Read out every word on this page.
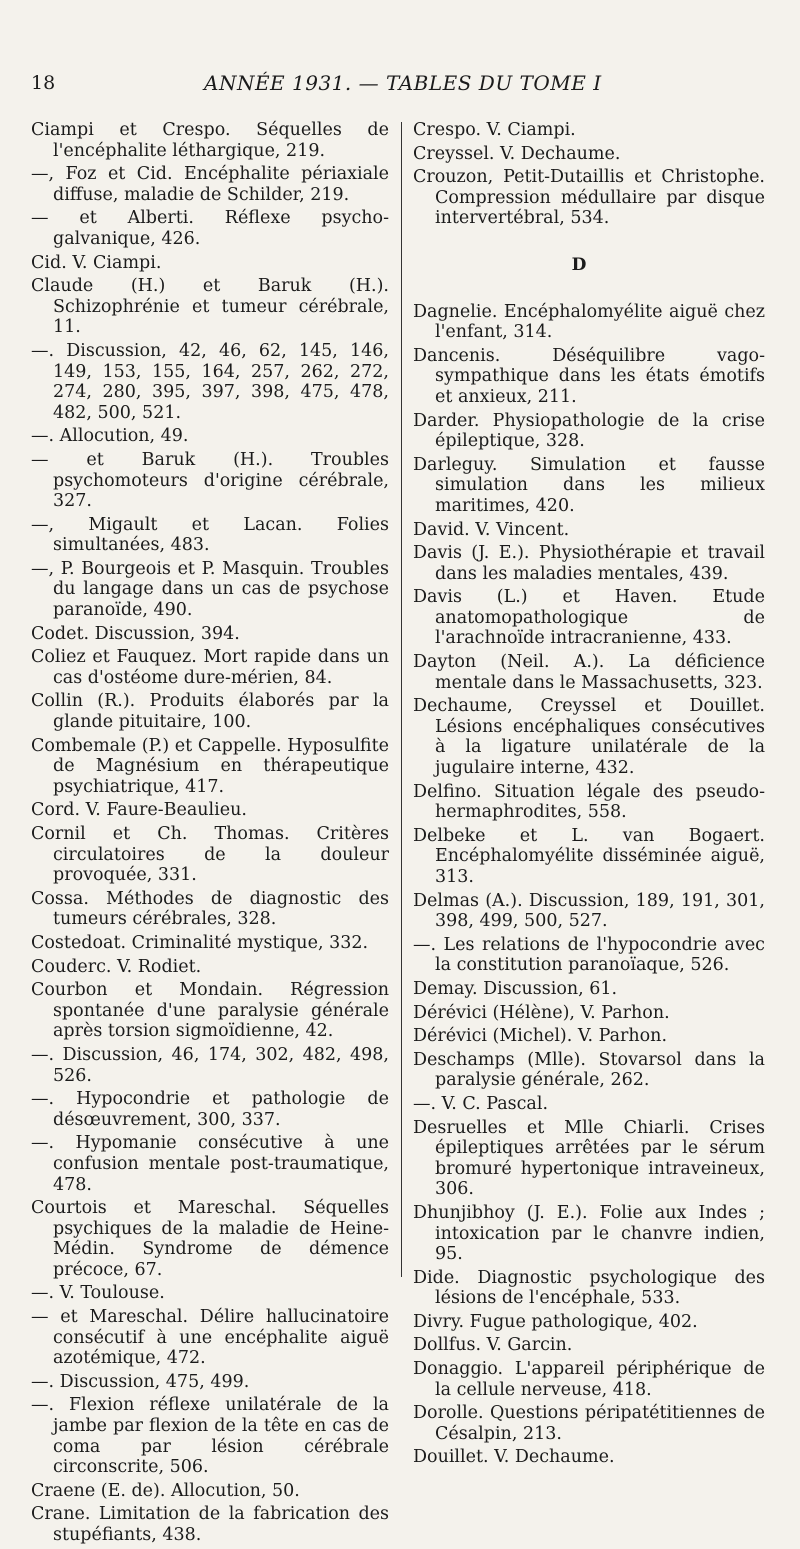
18	ANNÉE 1931. — TABLES DU TOME I

Ciampi et Crespo. Séquelles de l'encéphalite léthargique, 219.

—, Foz et Cid. Encéphalite périaxiale diffuse, maladie de Schilder, 219.

— et Alberti. Réflexe psycho-galvanique, 426.

Cid. V. Ciampi.

Claude (H.) et Baruk (H.). Schizophrénie et tumeur cérébrale, 11.

—. Discussion, 42, 46, 62, 145, 146, 149, 153, 155, 164, 257, 262, 272, 274, 280, 395, 397, 398, 475, 478, 482, 500, 521.

—. Allocution, 49.

— et Baruk (H.). Troubles psychomoteurs d'origine cérébrale, 327.

—, Migault et Lacan. Folies simultanées, 483.

—, P. Bourgeois et P. Masquin. Troubles du langage dans un cas de psychose paranoïde, 490.

Codet. Discussion, 394.

Coliez et Fauquez. Mort rapide dans un cas d'ostéome dure-mérien, 84.

Collin (R.). Produits élaborés par la glande pituitaire, 100.

Combemale (P.) et Cappelle. Hyposulfite de Magnésium en thérapeutique psychiatrique, 417.

Cord. V. Faure-Beaulieu.

Cornil et Ch. Thomas. Critères circulatoires de la douleur provoquée, 331.

Cossa. Méthodes de diagnostic des tumeurs cérébrales, 328.

Costedoat. Criminalité mystique, 332.

Couderc. V. Rodiet.

Courbon et Mondain. Régression spontanée d'une paralysie générale après torsion sigmoïdienne, 42.

—. Discussion, 46, 174, 302, 482, 498, 526.

—. Hypocondrie et pathologie de désœuvrement, 300, 337.

—. Hypomanie consécutive à une confusion mentale post-traumatique, 478.

Courtois et Mareschal. Séquelles psychiques de la maladie de Heine-Médin. Syndrome de démence précoce, 67.

—. V. Toulouse.

— et Mareschal. Délire hallucinatoire consécutif à une encéphalite aiguë azotémique, 472.

—. Discussion, 475, 499.

—. Flexion réflexe unilatérale de la jambe par flexion de la tête en cas de coma par lésion cérébrale circonscrite, 506.

Craene (E. de). Allocution, 50.

Crane. Limitation de la fabrication des stupéfiants, 438.

Crespo. V. Ciampi.

Creyssel. V. Dechaume.

Crouzon, Petit-Dutaillis et Christophe. Compression médullaire par disque intervertébral, 534.

D

Dagnelie. Encéphalomyélite aiguë chez l'enfant, 314.

Dancenis. Déséquilibre vago-sympathique dans les états émotifs et anxieux, 211.

Darder. Physiopathologie de la crise épileptique, 328.

Darleguy. Simulation et fausse simulation dans les milieux maritimes, 420.

David. V. Vincent.

Davis (J. E.). Physiothérapie et travail dans les maladies mentales, 439.

Davis (L.) et Haven. Etude anatomopathologique de l'arachnoïde intracranienne, 433.

Dayton (Neil. A.). La déficience mentale dans le Massachusetts, 323.

Dechaume, Creyssel et Douillet. Lésions encéphaliques consécutives à la ligature unilatérale de la jugulaire interne, 432.

Delfino. Situation légale des pseudo-hermaphrodites, 558.

Delbeke et L. van Bogaert. Encéphalomyélite disséminée aiguë, 313.

Delmas (A.). Discussion, 189, 191, 301, 398, 499, 500, 527.

—. Les relations de l'hypocondrie avec la constitution paranoïaque, 526.

Demay. Discussion, 61.

Dérévici (Hélène), V. Parhon.

Dérévici (Michel). V. Parhon.

Deschamps (Mlle). Stovarsol dans la paralysie générale, 262.

—. V. C. Pascal.

Desruelles et Mlle Chiarli. Crises épileptiques arrêtées par le sérum bromuré hypertonique intraveineux, 306.

Dhunjibhoy (J. E.). Folie aux Indes ; intoxication par le chanvre indien, 95.

Dide. Diagnostic psychologique des lésions de l'encéphale, 533.

Divry. Fugue pathologique, 402.

Dollfus. V. Garcin.

Donaggio. L'appareil périphérique de la cellule nerveuse, 418.

Dorolle. Questions péripatétitiennes de Césalpin, 213.

Douillet. V. Dechaume.
